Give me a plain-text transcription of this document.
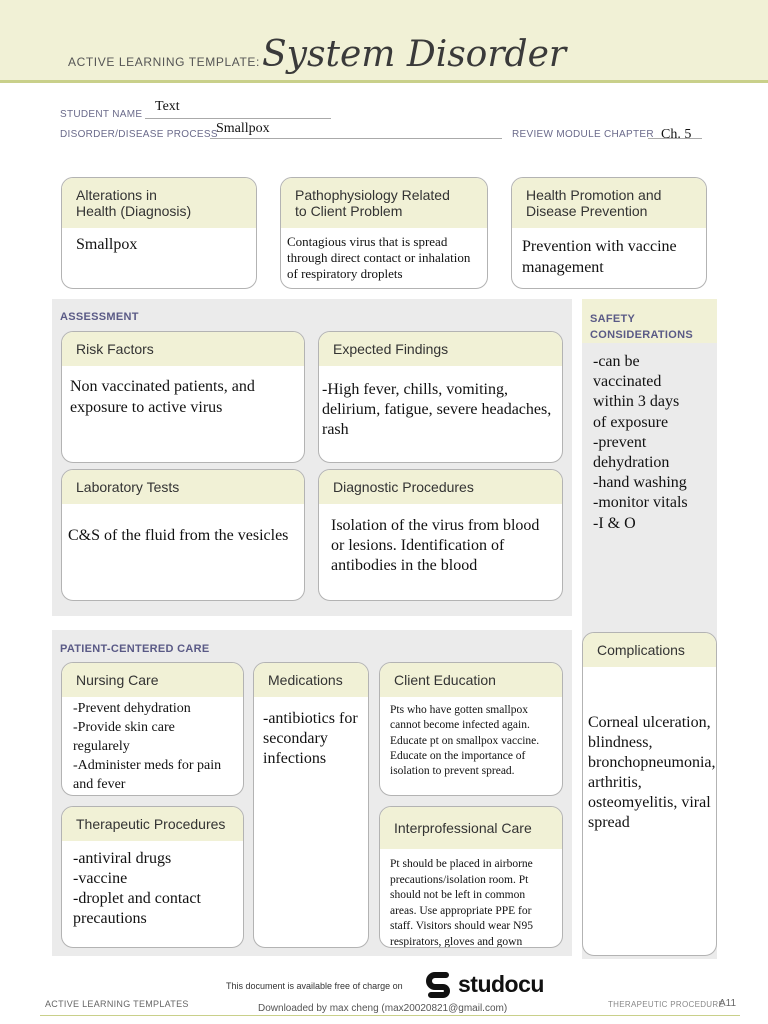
ACTIVE LEARNING TEMPLATE: System Disorder
STUDENT NAME
Text
DISORDER/DISEASE PROCESS
Smallpox	REVIEW MODULE CHAPTER Ch. 5
Alterations in
Health (Diagnosis)
Smallpox
Pathophysiology Related
to Client Problem
Contagious virus that is spread through direct contact or inhalation of respiratory droplets
Health Promotion and
Disease Prevention
Prevention with vaccine management
ASSESSMENT
Risk Factors
Non vaccinated patients, and exposure to active virus
Expected Findings
-High fever, chills, vomiting, delirium, fatigue, severe headaches, rash
Laboratory Tests
C&S of the fluid from the vesicles
Diagnostic Procedures
Isolation of the virus from blood or lesions. Identification of antibodies in the blood
SAFETY
CONSIDERATIONS
-can be
vaccinated
within 3 days
of exposure
-prevent
dehydration
-hand washing
-monitor vitals
-I & O
Complications
Corneal ulceration, blindness, bronchopneumonia, arthritis, osteomyelitis, viral spread
PATIENT-CENTERED CARE
Nursing Care
-Prevent dehydration
-Provide skin care regularely
-Administer meds for pain and fever
Medications
-antibiotics for secondary infections
Client Education
Pts who have gotten smallpox cannot become infected again. Educate pt on smallpox vaccine. Educate on the importance of isolation to prevent spread.
Therapeutic Procedures
-antiviral drugs
-vaccine
-droplet and contact precautions
Interprofessional Care
Pt should be placed in airborne precautions/isolation room. Pt should not be left in common areas. Use appropriate PPE for staff. Visitors should wear N95 respirators, gloves and gown
This document is available free of charge on studocu
ACTIVE LEARNING TEMPLATES	Downloaded by max cheng (max20020821@gmail.com)	THERAPEUTIC PROCEDURE
A11
